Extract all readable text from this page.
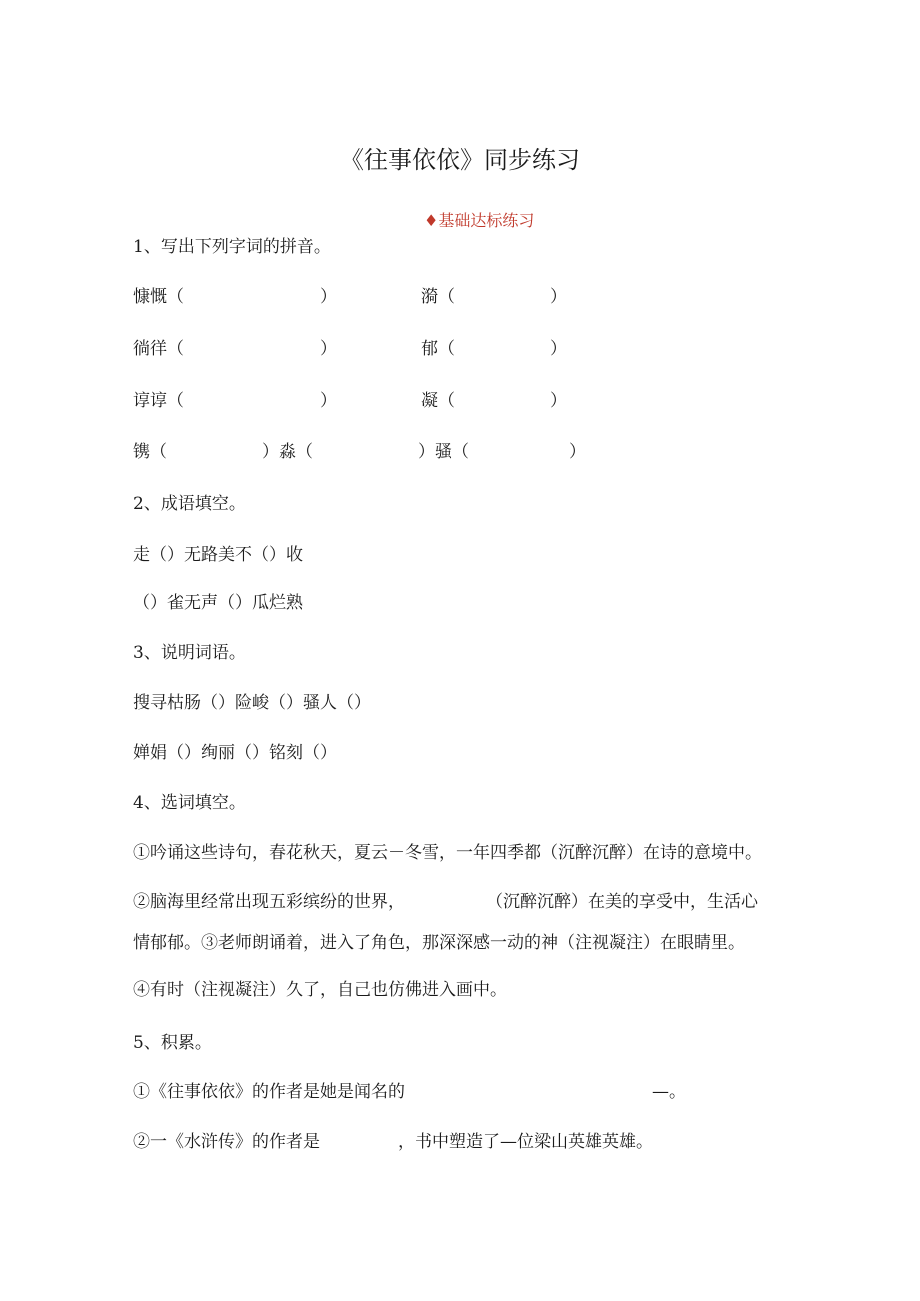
《往事依依》同步练习
♦基础达标练习
1、写出下列字词的拼音。
慷慨（	）	漪（	）
徜徉（	）	郁（	）
谆谆（	）	凝（	）
镌（	）淼（	）骚（	）
2、成语填空。
走（）无路美不（）收
（）雀无声（）瓜烂熟
3、说明词语。
搜寻枯肠（）险峻（）骚人（）
婵娟（）绚丽（）铭刻（）
4、选词填空。
①吟诵这些诗句，春花秋天，夏云－冬雪，一年四季都（沉醉沉醉）在诗的意境中。
②脑海里经常出现五彩缤纷的世界，	（沉醉沉醉）在美的享受中，生活心
情郁郁。③老师朗诵着，进入了角色，那深深感一动的神（注视凝注）在眼睛里。
④有时（注视凝注）久了，自己也仿佛进入画中。
5、积累。
①《往事依依》的作者是她是闻名的	—。
②一《水浒传》的作者是	，书中塑造了—位梁山英雄英雄。
